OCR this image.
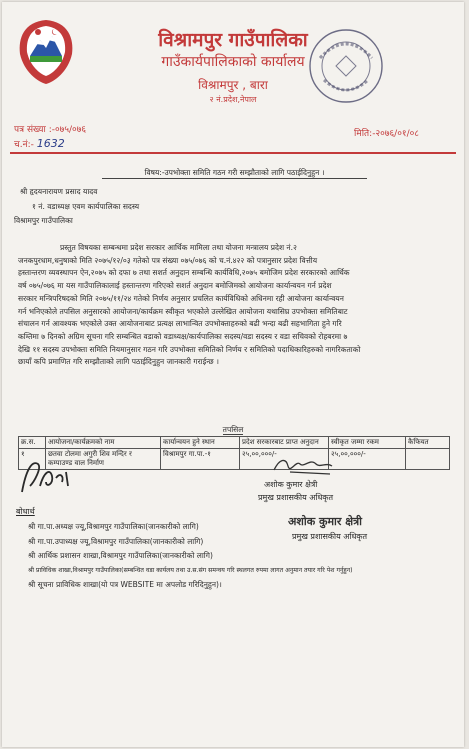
विश्रामपुर गाउँपालिका
गाउँकार्यपालिकाको कार्यालय
विश्रामपुर , बारा
२ नं.प्रदेश,नेपाल
पत्र संख्या :-०७५/०७६
च.नं:- 1632
मिति:-२०७६/०१/०८
विषय:-उपभोक्ता समिति गठन गरी सम्झौताको लागि पठाईदिनुहुन ।
श्री हृदयनारायण प्रसाद यादव
१ नं. वडाध्यक्ष एवम कार्यपालिका सदस्य
विश्रामपुर गाउँपालिका
प्रस्तुत विषयका सम्बन्धमा प्रदेश सरकार आर्थिक मामिला तथा योजना मन्त्रालय प्रदेश नं.२
जनकपुरधाम,धनुषाको मिति २०७५/१२/०३ गतेको पत्र संख्या ०७५/०७६ को च.नं.४२२ को पत्रानुसार प्रदेश वित्तीय
हस्तान्तरण व्यवस्थापन ऐन,२०७५ को दफा ७ तथा सशर्त अनुदान सम्बन्धि कार्यविधि,२०७५ बमोजिम प्रदेश सरकारको आर्थिक
वर्ष ०७५/०७६ मा यस गाउँपालिकालाई हस्तान्तरण गरिएको सशर्त अनुदान बमोजिमको आयोजना कार्यान्वयन गर्न प्रदेश
सरकार मन्त्रिपरिषदको मिति २०७५/११/२४ गतेको निर्णय अनुसार प्रचलित कार्यविधिको अधिनमा रही आयोजना कार्यान्वयन
गर्न भनिएकोले तपसिल अनुसारको आयोजना/कार्यक्रम स्वीकृत भएकोले उल्लेखित आयोजना यथासिघ्र उपभोक्ता समितिबाट
संचालन गर्न आवश्यक भएकोले उक्त आयोजनाबाट प्रत्यक्ष लाभान्वित उपभोक्ताहरुको बढी भन्दा बढी सहभागिता हुने गरि
कम्तिमा ७ दिनको अग्रिम सूचना गरि सम्बन्धित वडाको वडाध्यक्ष/कार्यपालिका सदस्य/वडा सदस्य र वडा सचिवको रोहबरमा ७
देखि ११ सदस्य उपभोक्ता समिति नियमानुसार गठन गरि उपभोक्ता समितिको निर्णय र समितिको पदाधिकारिहरुको नागरिकताको
छायाँ कपि प्रमाणित गरि सम्झौताको लागि पठाईदिनुहुन जानकारी गराईन्छ ।
तपसिल
क्र.स.	आयोजना/कार्यक्रमको नाम	कार्यान्वयन हुने स्थान	प्रदेश सरकारबाट प्राप्त अनुदान	स्वीकृत जम्मा रकम	कैफियत
१	छतवा टोलमा अगुरी शिव मन्दिर र कम्पाउण्ड वाल निर्माण	विश्रामपुर गा.पा.-१	२५,००,०००/-	२५,००,०००/-	
अशोक कुमार क्षेत्री
प्रमुख प्रशासकीय अधिकृत
अशोक कुमार क्षेत्री
प्रमुख प्रशासकीय अधिकृत
बोधार्थ
श्री गा.पा.अध्यक्ष ज्यू,विश्रामपुर गाउँपालिका(जानकारीको लागि)
श्री गा.पा.उपाध्यक्ष ज्यू,विश्रामपुर गाउँपालिका(जानकारीको लागि)
श्री आर्थिक प्रशासन शाखा,विश्रामपुर गाउँपालिका(जानकारीको लागि)
श्री प्राविधिक शाखा,विश्रामपुर गाउँपालिका(सम्बन्धित वडा कार्यलय तथा उ.स.संग समन्वय गरि स्थलगत रुपमा लागत अनुमान तयार गरि पेश गर्नुहुन)
श्री सूचना प्राविधिक शाखा(यो पत्र WEBSITE मा अपलोड गरिदिनुहुन)।
